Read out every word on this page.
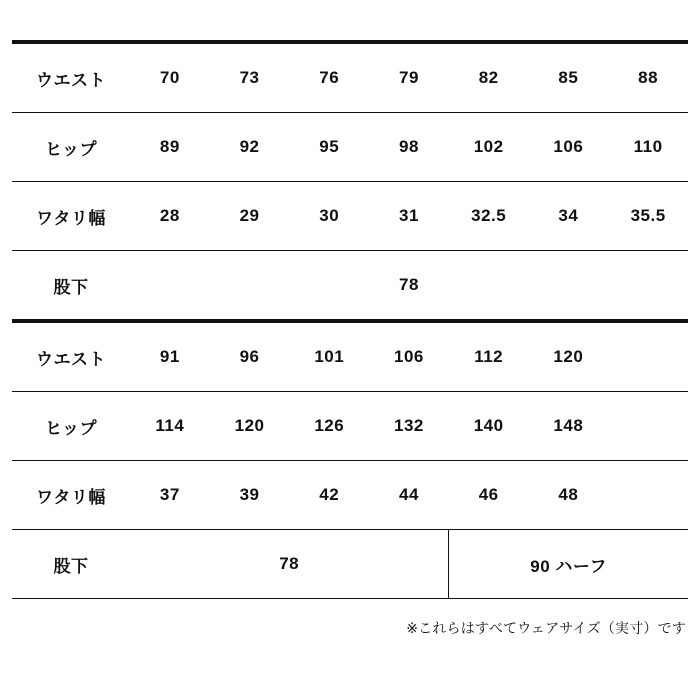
ウエスト	70	73	76	79	82	85	88
ヒップ	89	92	95	98	102	106	110
ワタリ幅	28	29	30	31	32.5	34	35.5
股下	78						
ウエスト	91	96	101	106	112	120	
ヒップ	114	120	126	132	140	148	
ワタリ幅	37	39	42	44	46	48	
股下	78				90 ハーフ		
※これらはすべてウェアサイズ（実寸）です
